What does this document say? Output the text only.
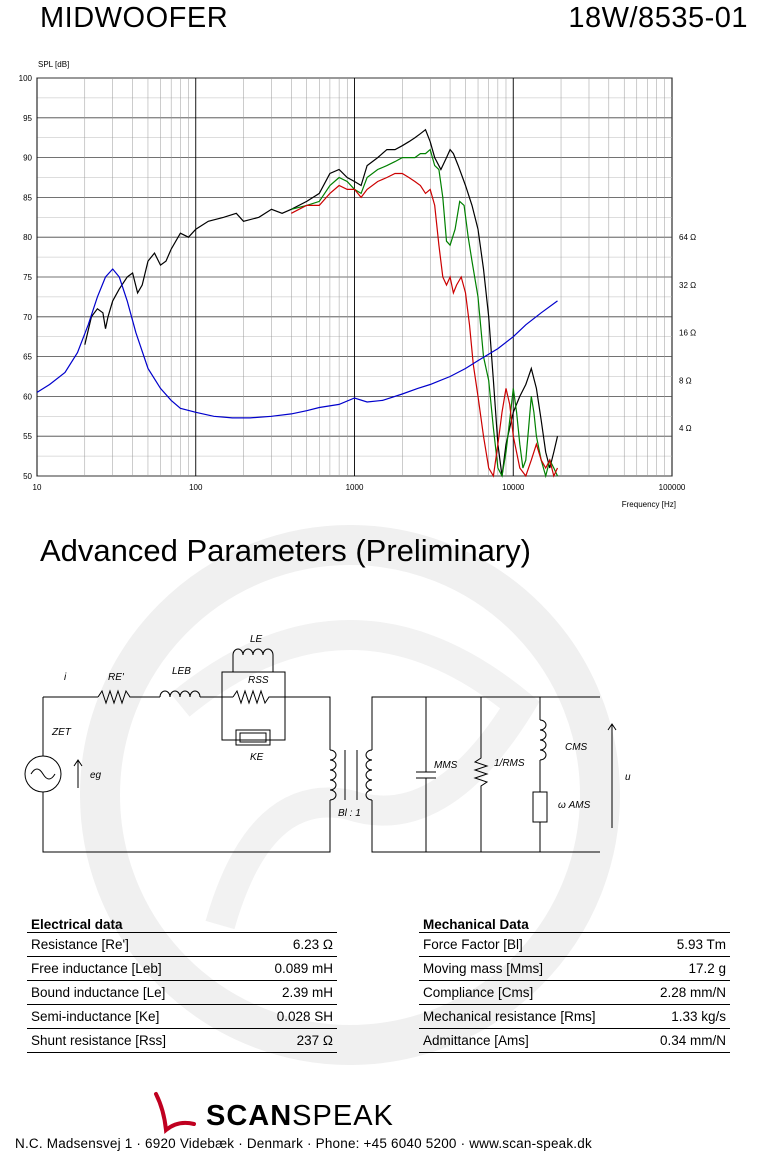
MIDWOOFER	18W/8535-01
SPL [dB]
100
95
90
85
80
75
70
65
60
55
50
10	100	1000	10000	100000
64 Ω
32 Ω
16 Ω
8 Ω
4 Ω
Frequency [Hz]
Advanced Parameters (Preliminary)
i	RE'
LEB
LE
RSS
KE
ZET
eg
Bl : 1
MMS	1/RMS
CMS
ω AMS
u
Electrical data	
Resistance [Re']	6.23 Ω
Free inductance [Leb]	0.089 mH
Bound inductance [Le]	2.39 mH
Semi-inductance [Ke]	0.028 SH
Shunt resistance [Rss]	237 Ω
Mechanical Data	
Force Factor [Bl]	5.93 Tm
Moving mass [Mms]	17.2 g
Compliance [Cms]	2.28 mm/N
Mechanical resistance [Rms]	1.33 kg/s
Admittance [Ams]	0.34 mm/N
SCANSPEAK
N.C. Madsensvej 1 · 6920 Videbæk · Denmark · Phone: +45 6040 5200 · www.scan-speak.dk
